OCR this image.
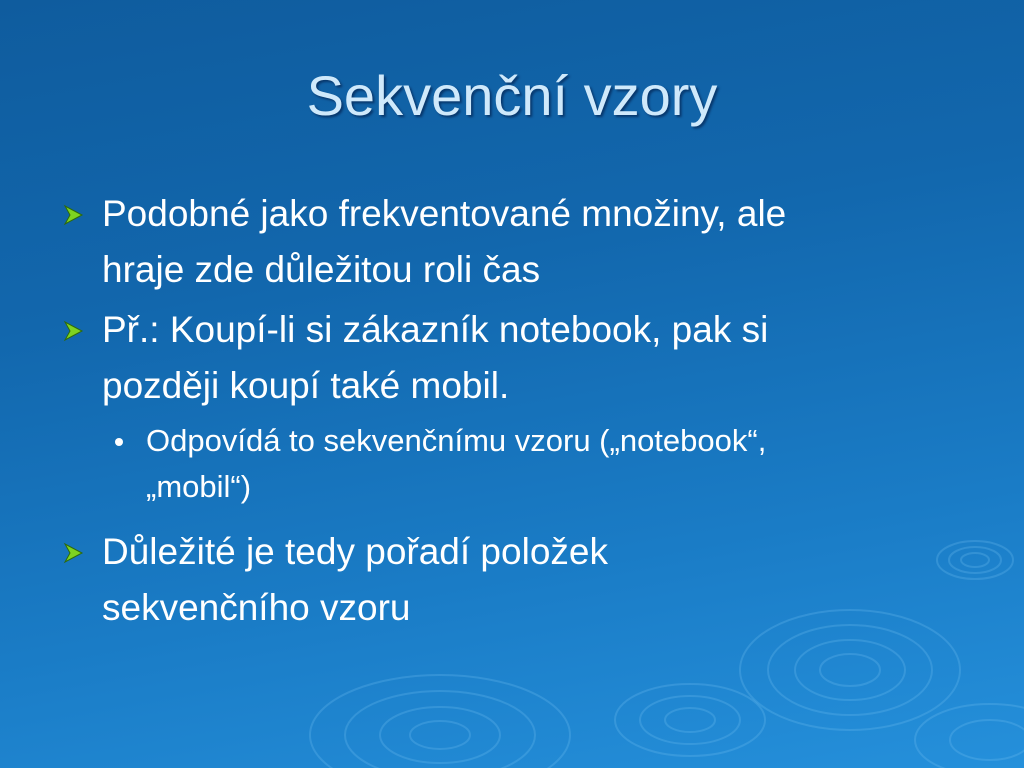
Sekvenční vzory
Podobné jako frekventované množiny, ale
hraje zde důležitou roli čas
Př.: Koupí-li si zákazník notebook, pak si
později koupí také mobil.
Odpovídá to sekvenčnímu vzoru („notebook“,
„mobil“)
Důležité je tedy pořadí položek
sekvenčního vzoru
